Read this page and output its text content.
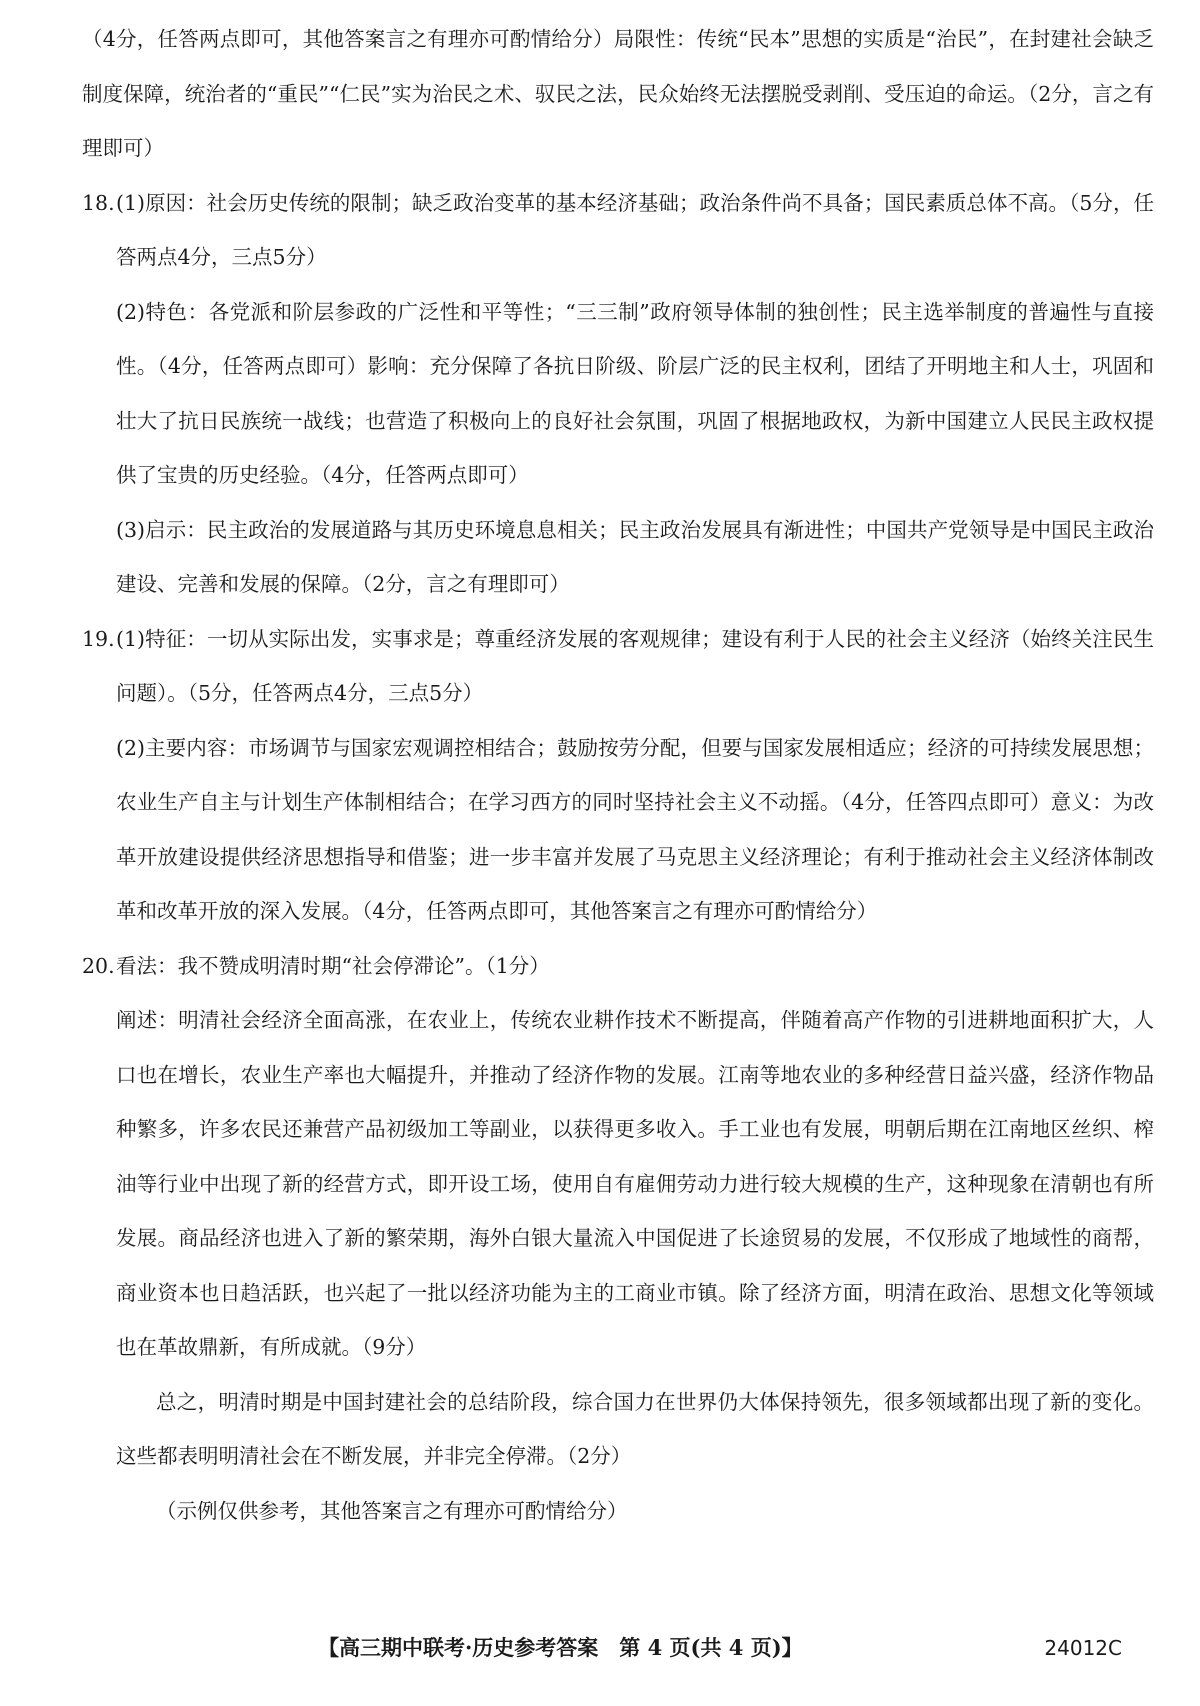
（4分，任答两点即可，其他答案言之有理亦可酌情给分）局限性：传统“民本”思想的实质是“治民”，在封建社会缺乏制度保障，统治者的“重民”“仁民”实为治民之术、驭民之法，民众始终无法摆脱受剥削、受压迫的命运。（2分，言之有理即可）

18. (1)原因：社会历史传统的限制；缺乏政治变革的基本经济基础；政治条件尚不具备；国民素质总体不高。（5分，任答两点4分，三点5分）

(2)特色：各党派和阶层参政的广泛性和平等性；“三三制”政府领导体制的独创性；民主选举制度的普遍性与直接性。（4分，任答两点即可）影响：充分保障了各抗日阶级、阶层广泛的民主权利，团结了开明地主和人士，巩固和壮大了抗日民族统一战线；也营造了积极向上的良好社会氛围，巩固了根据地政权，为新中国建立人民民主政权提供了宝贵的历史经验。（4分，任答两点即可）

(3)启示：民主政治的发展道路与其历史环境息息相关；民主政治发展具有渐进性；中国共产党领导是中国民主政治建设、完善和发展的保障。（2分，言之有理即可）

19. (1)特征：一切从实际出发，实事求是；尊重经济发展的客观规律；建设有利于人民的社会主义经济（始终关注民生问题）。（5分，任答两点4分，三点5分）

(2)主要内容：市场调节与国家宏观调控相结合；鼓励按劳分配，但要与国家发展相适应；经济的可持续发展思想；农业生产自主与计划生产体制相结合；在学习西方的同时坚持社会主义不动摇。（4分，任答四点即可）意义：为改革开放建设提供经济思想指导和借鉴；进一步丰富并发展了马克思主义经济理论；有利于推动社会主义经济体制改革和改革开放的深入发展。（4分，任答两点即可，其他答案言之有理亦可酌情给分）

20. 看法：我不赞成明清时期“社会停滞论”。（1分）

阐述：明清社会经济全面高涨，在农业上，传统农业耕作技术不断提高，伴随着高产作物的引进耕地面积扩大，人口也在增长，农业生产率也大幅提升，并推动了经济作物的发展。江南等地农业的多种经营日益兴盛，经济作物品种繁多，许多农民还兼营产品初级加工等副业，以获得更多收入。手工业也有发展，明朝后期在江南地区丝织、榨油等行业中出现了新的经营方式，即开设工场，使用自有雇佣劳动力进行较大规模的生产，这种现象在清朝也有所发展。商品经济也进入了新的繁荣期，海外白银大量流入中国促进了长途贸易的发展，不仅形成了地域性的商帮，商业资本也日趋活跃，也兴起了一批以经济功能为主的工商业市镇。除了经济方面，明清在政治、思想文化等领域也在革故鼎新，有所成就。（9分）

总之，明清时期是中国封建社会的总结阶段，综合国力在世界仍大体保持领先，很多领域都出现了新的变化。这些都表明明清社会在不断发展，并非完全停滞。（2分）

（示例仅供参考，其他答案言之有理亦可酌情给分）

【高三期中联考·历史参考答案　第 4 页(共 4 页)】	24012C
